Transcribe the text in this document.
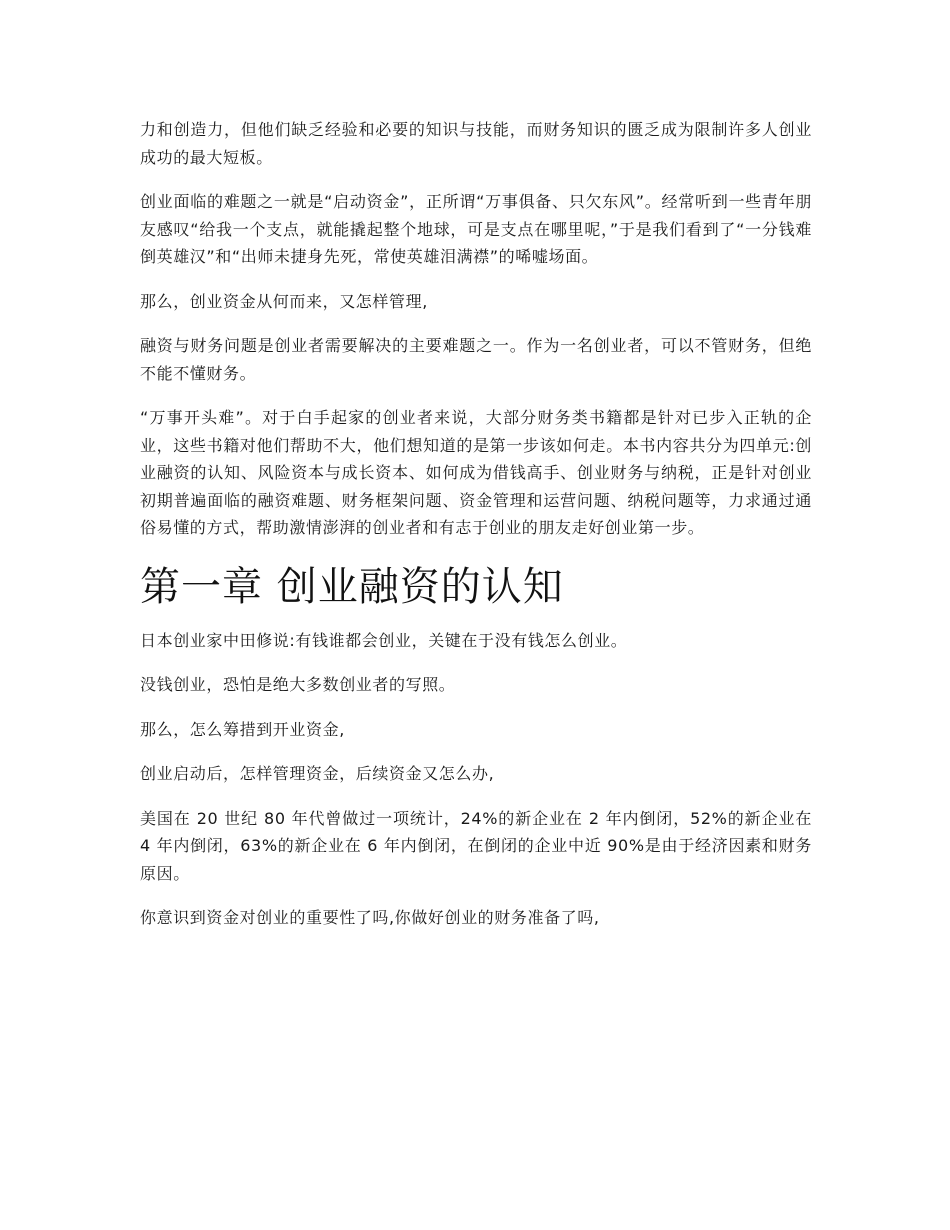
力和创造力，但他们缺乏经验和必要的知识与技能，而财务知识的匮乏成为限制许多人创业成功的最大短板。

创业面临的难题之一就是“启动资金”，正所谓“万事俱备、只欠东风”。经常听到一些青年朋友感叹“给我一个支点，就能撬起整个地球，可是支点在哪里呢，”于是我们看到了“一分钱难倒英雄汉”和“出师未捷身先死，常使英雄泪满襟”的唏嘘场面。

那么，创业资金从何而来，又怎样管理,

融资与财务问题是创业者需要解决的主要难题之一。作为一名创业者，可以不管财务，但绝不能不懂财务。

“万事开头难”。对于白手起家的创业者来说，大部分财务类书籍都是针对已步入正轨的企业，这些书籍对他们帮助不大，他们想知道的是第一步该如何走。本书内容共分为四单元:创业融资的认知、风险资本与成长资本、如何成为借钱高手、创业财务与纳税，正是针对创业初期普遍面临的融资难题、财务框架问题、资金管理和运营问题、纳税问题等，力求通过通俗易懂的方式，帮助激情澎湃的创业者和有志于创业的朋友走好创业第一步。

第一章 创业融资的认知

日本创业家中田修说:有钱谁都会创业，关键在于没有钱怎么创业。

没钱创业，恐怕是绝大多数创业者的写照。

那么，怎么筹措到开业资金,

创业启动后，怎样管理资金，后续资金又怎么办,

美国在 20 世纪 80 年代曾做过一项统计，24%的新企业在 2 年内倒闭，52%的新企业在 4 年内倒闭，63%的新企业在 6 年内倒闭，在倒闭的企业中近 90%是由于经济因素和财务原因。

你意识到资金对创业的重要性了吗,你做好创业的财务准备了吗,
